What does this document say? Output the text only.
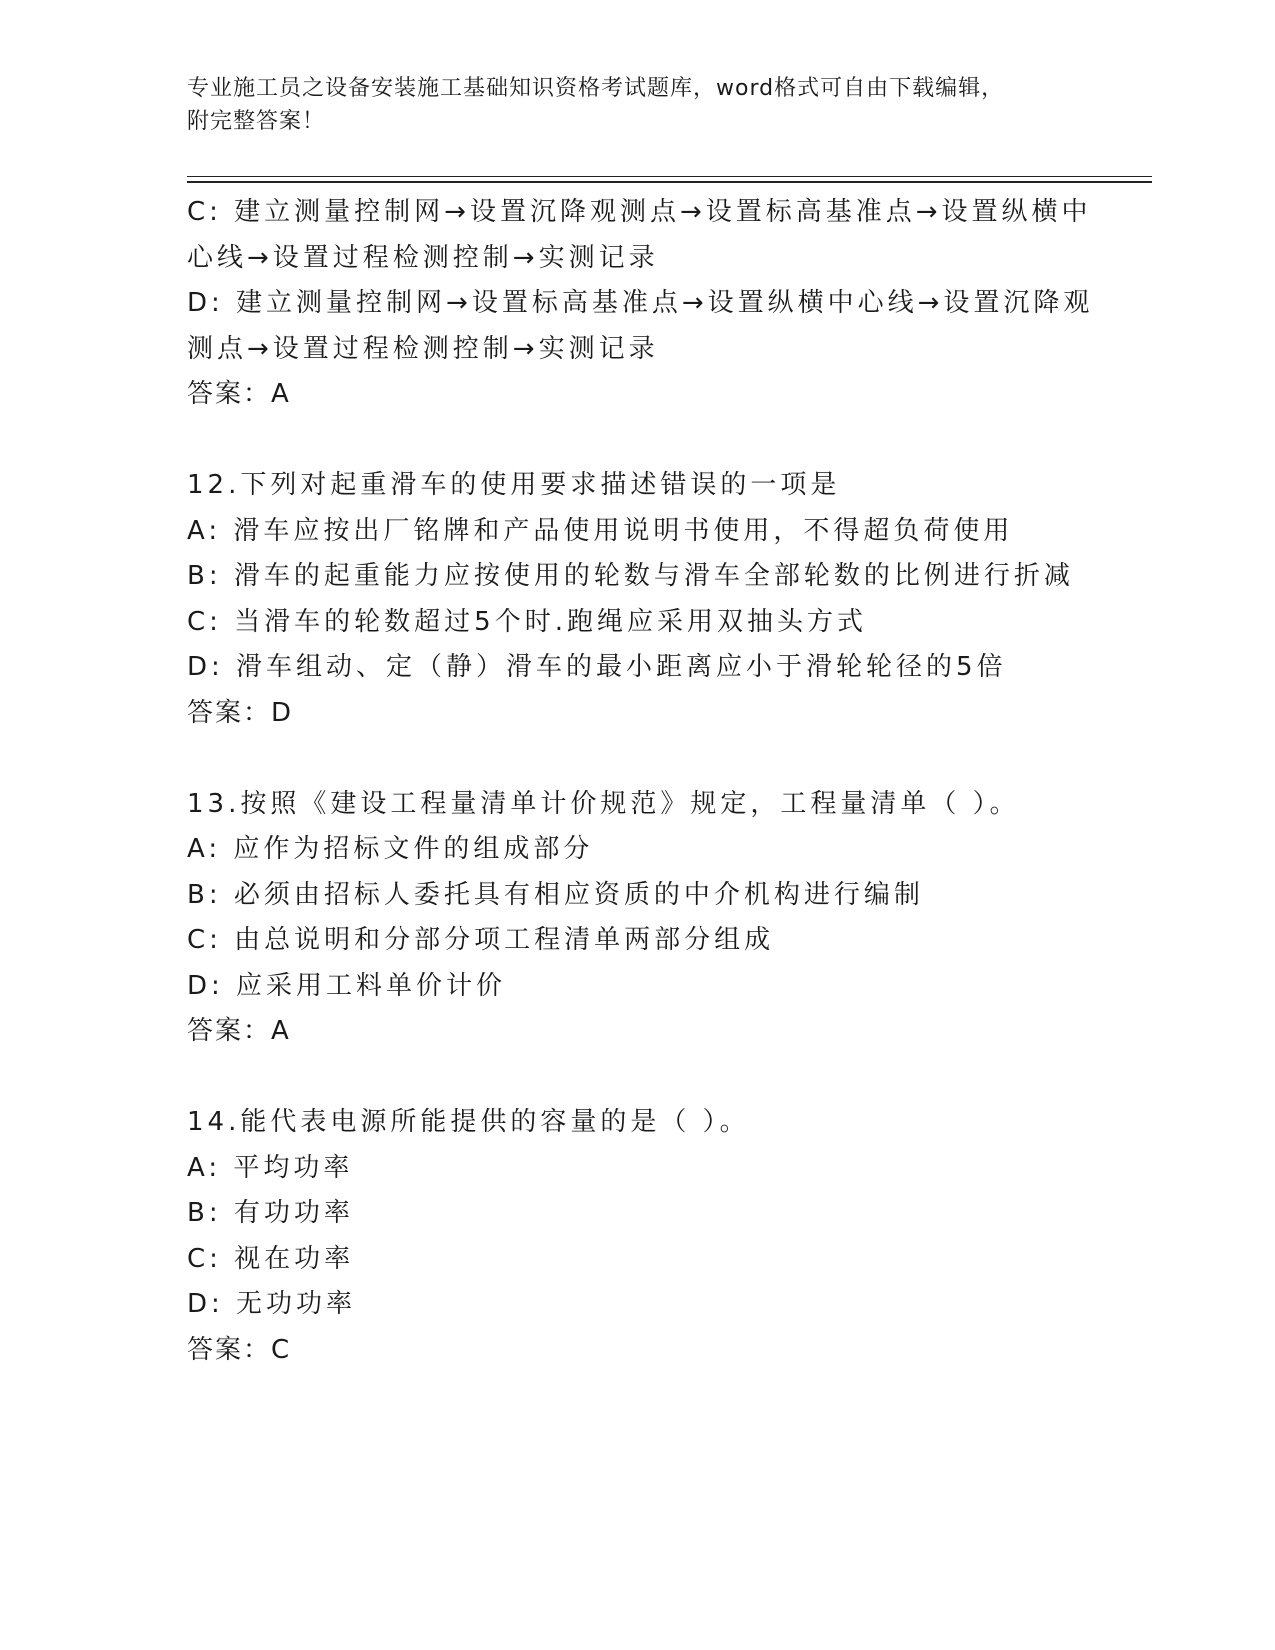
专业施工员之设备安装施工基础知识资格考试题库，word格式可自由下载编辑，
附完整答案！
C: 建立测量控制网→设置沉降观测点→设置标高基准点→设置纵横中
心线→设置过程检测控制→实测记录
D: 建立测量控制网→设置标高基准点→设置纵横中心线→设置沉降观
测点→设置过程检测控制→实测记录
答案：A
12.下列对起重滑车的使用要求描述错误的一项是
A: 滑车应按出厂铭牌和产品使用说明书使用，不得超负荷使用
B: 滑车的起重能力应按使用的轮数与滑车全部轮数的比例进行折减
C: 当滑车的轮数超过5个时.跑绳应采用双抽头方式
D: 滑车组动、定（静）滑车的最小距离应小于滑轮轮径的5倍
答案：D
13.按照《建设工程量清单计价规范》规定，工程量清单（ ）。
A: 应作为招标文件的组成部分
B: 必须由招标人委托具有相应资质的中介机构进行编制
C: 由总说明和分部分项工程清单两部分组成
D: 应采用工料单价计价
答案：A
14.能代表电源所能提供的容量的是（ ）。
A: 平均功率
B: 有功功率
C: 视在功率
D: 无功功率
答案：C
